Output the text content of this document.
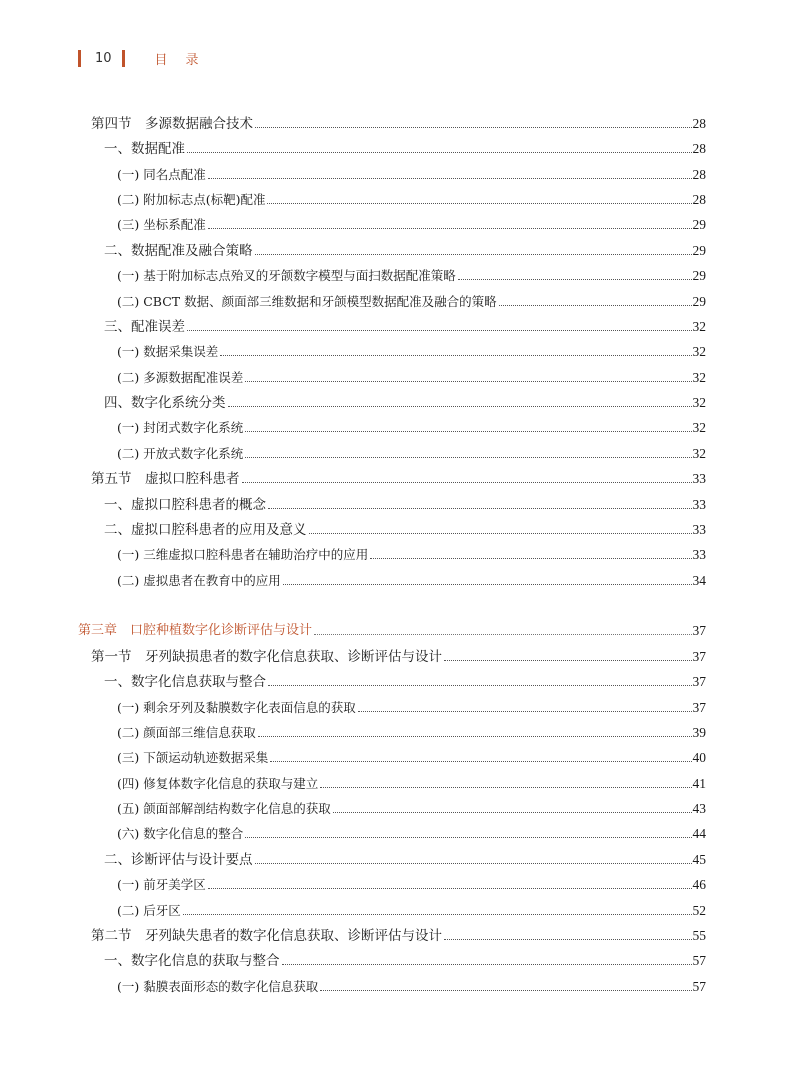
10	目录
第四节　多源数据融合技术	28
一、数据配准	28
(一) 同名点配准	28
(二) 附加标志点(标靶)配准	28
(三) 坐标系配准	29
二、数据配准及融合策略	29
(一) 基于附加标志点殆叉的牙颌数字模型与面扫数据配准策略	29
(二) CBCT 数据、颜面部三维数据和牙颌模型数据配准及融合的策略	29
三、配准误差	32
(一) 数据采集误差	32
(二) 多源数据配准误差	32
四、数字化系统分类	32
(一) 封闭式数字化系统	32
(二) 开放式数字化系统	32
第五节　虚拟口腔科患者	33
一、虚拟口腔科患者的概念	33
二、虚拟口腔科患者的应用及意义	33
(一) 三维虚拟口腔科患者在辅助治疗中的应用	33
(二) 虚拟患者在教育中的应用	34
第三章　口腔种植数字化诊断评估与设计	37
第一节　牙列缺损患者的数字化信息获取、诊断评估与设计	37
一、数字化信息获取与整合	37
(一) 剩余牙列及黏膜数字化表面信息的获取	37
(二) 颜面部三维信息获取	39
(三) 下颌运动轨迹数据采集	40
(四) 修复体数字化信息的获取与建立	41
(五) 颌面部解剖结构数字化信息的获取	43
(六) 数字化信息的整合	44
二、诊断评估与设计要点	45
(一) 前牙美学区	46
(二) 后牙区	52
第二节　牙列缺失患者的数字化信息获取、诊断评估与设计	55
一、数字化信息的获取与整合	57
(一) 黏膜表面形态的数字化信息获取	57
